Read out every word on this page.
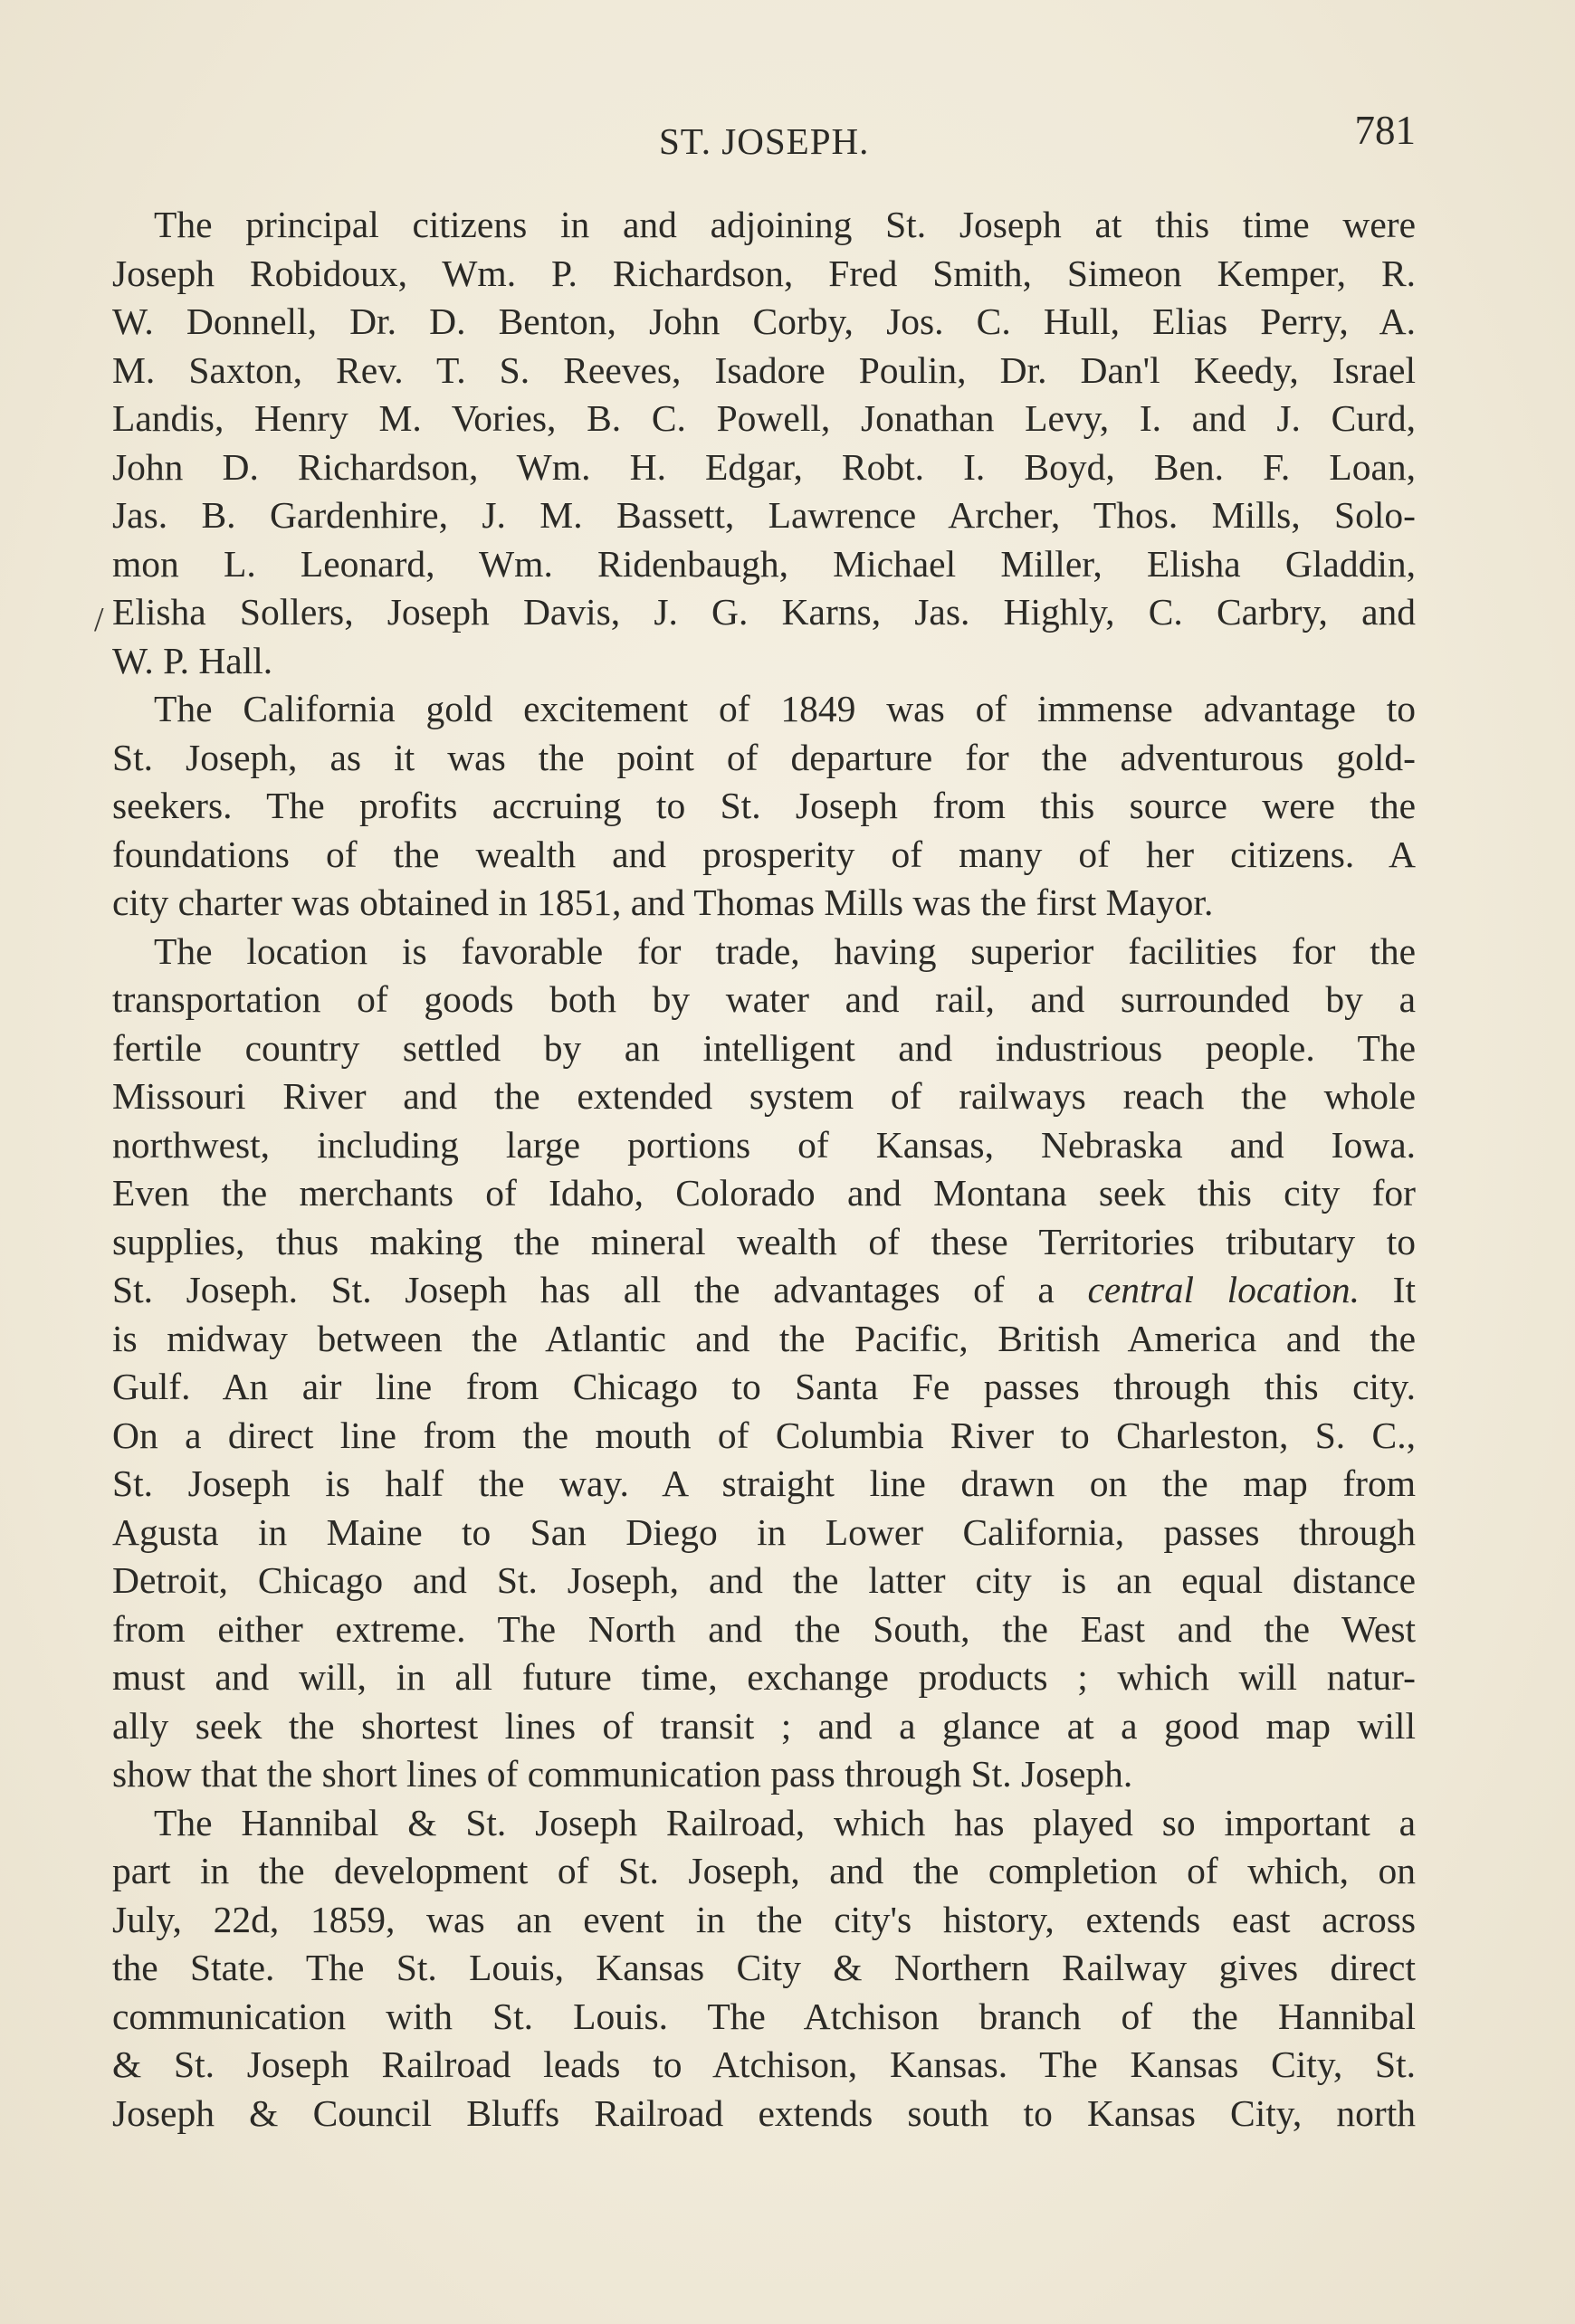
ST. JOSEPH.	781
/
The principal citizens in and adjoining St. Joseph at this time were
Joseph Robidoux, Wm. P. Richardson, Fred Smith, Simeon Kemper, R.
W. Donnell, Dr. D. Benton, John Corby, Jos. C. Hull, Elias Perry, A.
M. Saxton, Rev. T. S. Reeves, Isadore Poulin, Dr. Dan'l Keedy, Israel
Landis, Henry M. Vories, B. C. Powell, Jonathan Levy, I. and J. Curd,
John D. Richardson, Wm. H. Edgar, Robt. I. Boyd, Ben. F. Loan,
Jas. B. Gardenhire, J. M. Bassett, Lawrence Archer, Thos. Mills, Solo-
mon L. Leonard, Wm. Ridenbaugh, Michael Miller, Elisha Gladdin,
Elisha Sollers, Joseph Davis, J. G. Karns, Jas. Highly, C. Carbry, and
W. P. Hall.
The California gold excitement of 1849 was of immense advantage to
St. Joseph, as it was the point of departure for the adventurous gold-
seekers. The profits accruing to St. Joseph from this source were the
foundations of the wealth and prosperity of many of her citizens. A
city charter was obtained in 1851, and Thomas Mills was the first Mayor.
The location is favorable for trade, having superior facilities for the
transportation of goods both by water and rail, and surrounded by a
fertile country settled by an intelligent and industrious people. The
Missouri River and the extended system of railways reach the whole
northwest, including large portions of Kansas, Nebraska and Iowa.
Even the merchants of Idaho, Colorado and Montana seek this city for
supplies, thus making the mineral wealth of these Territories tributary to
St. Joseph. St. Joseph has all the advantages of a central location. It
is midway between the Atlantic and the Pacific, British America and the
Gulf. An air line from Chicago to Santa Fe passes through this city.
On a direct line from the mouth of Columbia River to Charleston, S. C.,
St. Joseph is half the way. A straight line drawn on the map from
Agusta in Maine to San Diego in Lower California, passes through
Detroit, Chicago and St. Joseph, and the latter city is an equal distance
from either extreme. The North and the South, the East and the West
must and will, in all future time, exchange products ; which will natur-
ally seek the shortest lines of transit ; and a glance at a good map will
show that the short lines of communication pass through St. Joseph.
The Hannibal & St. Joseph Railroad, which has played so important a
part in the development of St. Joseph, and the completion of which, on
July, 22d, 1859, was an event in the city's history, extends east across
the State. The St. Louis, Kansas City & Northern Railway gives direct
communication with St. Louis. The Atchison branch of the Hannibal
& St. Joseph Railroad leads to Atchison, Kansas. The Kansas City, St.
Joseph & Council Bluffs Railroad extends south to Kansas City, north
